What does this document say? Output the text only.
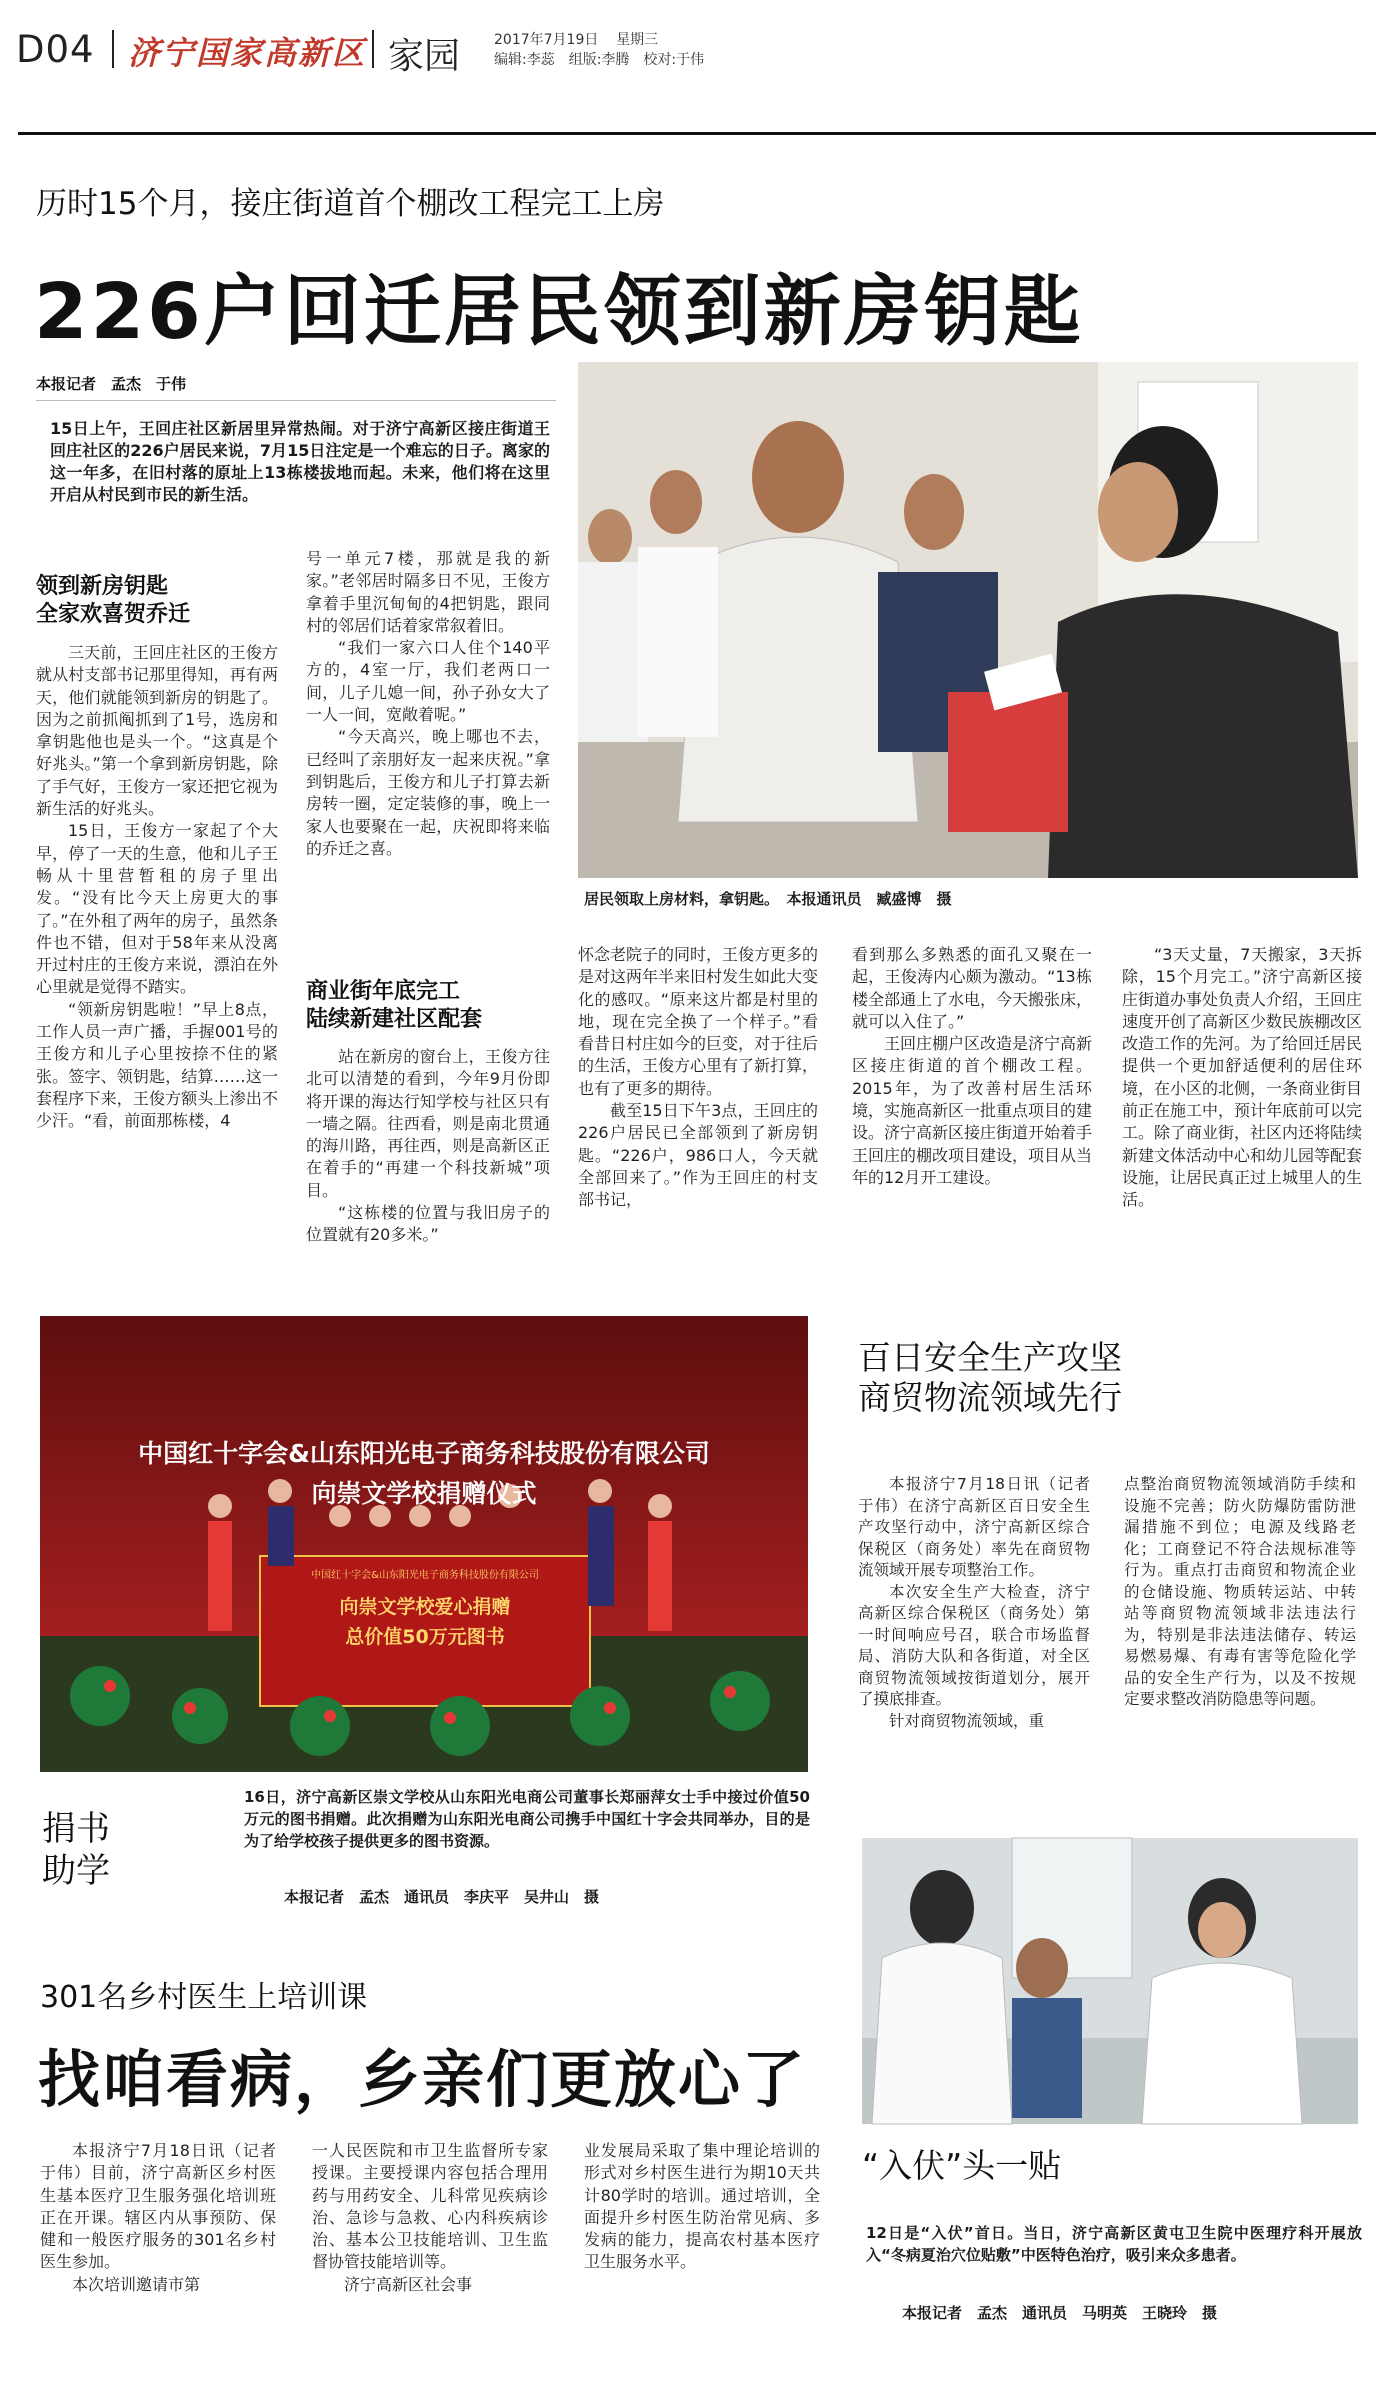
D04 济宁国家高新区 家园 2017年7月19日 星期三
编辑:李蕊　组版:李腾　校对:于伟
历时15个月，接庄街道首个棚改工程完工上房
226户回迁居民领到新房钥匙
本报记者　孟杰　于伟
15日上午，王回庄社区新居里异常热闹。对于济宁高新区接庄街道王回庄社区的226户居民来说，7月15日注定是一个难忘的日子。离家的这一年多，在旧村落的原址上13栋楼拔地而起。未来，他们将在这里开启从村民到市民的新生活。
居民领取上房材料，拿钥匙。　本报通讯员　臧盛博　摄
领到新房钥匙
全家欢喜贺乔迁

三天前，王回庄社区的王俊方就从村支部书记那里得知，再有两天，他们就能领到新房的钥匙了。因为之前抓阄抓到了1号，选房和拿钥匙他也是头一个。“这真是个好兆头。”第一个拿到新房钥匙，除了手气好，王俊方一家还把它视为新生活的好兆头。

15日，王俊方一家起了个大早，停了一天的生意，他和儿子王畅从十里营暂租的房子里出发。“没有比今天上房更大的事了。”在外租了两年的房子，虽然条件也不错，但对于58年来从没离开过村庄的王俊方来说，漂泊在外心里就是觉得不踏实。

“领新房钥匙啦！”早上8点，工作人员一声广播，手握001号的王俊方和儿子心里按捺不住的紧张。签字、领钥匙，结算……这一套程序下来，王俊方额头上渗出不少汗。“看，前面那栋楼，4

号一单元7楼，那就是我的新家。”老邻居时隔多日不见，王俊方拿着手里沉甸甸的4把钥匙，跟同村的邻居们话着家常叙着旧。

“我们一家六口人住个140平方的，4室一厅，我们老两口一间，儿子儿媳一间，孙子孙女大了一人一间，宽敞着呢。”

“今天高兴，晚上哪也不去，已经叫了亲朋好友一起来庆祝。”拿到钥匙后，王俊方和儿子打算去新房转一圈，定定装修的事，晚上一家人也要聚在一起，庆祝即将来临的乔迁之喜。

商业街年底完工
陆续新建社区配套

站在新房的窗台上，王俊方往北可以清楚的看到，今年9月份即将开课的海达行知学校与社区只有一墙之隔。往西看，则是南北贯通的海川路，再往西，则是高新区正在着手的“再建一个科技新城”项目。

“这栋楼的位置与我旧房子的位置就有20多米。”

怀念老院子的同时，王俊方更多的是对这两年半来旧村发生如此大变化的感叹。“原来这片都是村里的地，现在完全换了一个样子。”看看昔日村庄如今的巨变，对于往后的生活，王俊方心里有了新打算，也有了更多的期待。

截至15日下午3点，王回庄的226户居民已全部领到了新房钥匙。“226户，986口人，今天就全部回来了。”作为王回庄的村支部书记，

看到那么多熟悉的面孔又聚在一起，王俊涛内心颇为激动。“13栋楼全部通上了水电，今天搬张床，就可以入住了。”

王回庄棚户区改造是济宁高新区接庄街道的首个棚改工程。2015年，为了改善村居生活环境，实施高新区一批重点项目的建设。济宁高新区接庄街道开始着手王回庄的棚改项目建设，项目从当年的12月开工建设。

“3天丈量，7天搬家，3天拆除，15个月完工。”济宁高新区接庄街道办事处负责人介绍，王回庄速度开创了高新区少数民族棚改区改造工作的先河。为了给回迁居民提供一个更加舒适便利的居住环境，在小区的北侧，一条商业街目前正在施工中，预计年底前可以完工。除了商业街，社区内还将陆续新建文体活动中心和幼儿园等配套设施，让居民真正过上城里人的生活。

中国红十字会&山东阳光电子商务科技股份有限公司
向崇文学校捐赠仪式
中国红十字会&山东阳光电子商务科技股份有限公司
向崇文学校爱心捐赠
总价值50万元图书
捐书
助学
16日，济宁高新区崇文学校从山东阳光电商公司董事长郑丽萍女士手中接过价值50万元的图书捐赠。此次捐赠为山东阳光电商公司携手中国红十字会共同举办，目的是为了给学校孩子提供更多的图书资源。
本报记者　孟杰　通讯员　李庆平　吴井山　摄
百日安全生产攻坚
商贸物流领域先行

本报济宁7月18日讯（记者　于伟）在济宁高新区百日安全生产攻坚行动中，济宁高新区综合保税区（商务处）率先在商贸物流领域开展专项整治工作。

本次安全生产大检查，济宁高新区综合保税区（商务处）第一时间响应号召，联合市场监督局、消防大队和各街道，对全区商贸物流领域按街道划分，展开了摸底排查。

针对商贸物流领域，重

点整治商贸物流领域消防手续和设施不完善；防火防爆防雷防泄漏措施不到位；电源及线路老化；工商登记不符合法规标准等行为。重点打击商贸和物流企业的仓储设施、物质转运站、中转站等商贸物流领域非法违法行为，特别是非法违法储存、转运易燃易爆、有毒有害等危险化学品的安全生产行为，以及不按规定要求整改消防隐患等问题。

“入伏”头一贴
12日是“入伏”首日。当日，济宁高新区黄屯卫生院中医理疗科开展放入“冬病夏治穴位贴敷”中医特色治疗，吸引来众多患者。
本报记者　孟杰　通讯员　马明英　王晓玲　摄
301名乡村医生上培训课
找咱看病，乡亲们更放心了

本报济宁7月18日讯（记者　于伟）目前，济宁高新区乡村医生基本医疗卫生服务强化培训班正在开课。辖区内从事预防、保健和一般医疗服务的301名乡村医生参加。

本次培训邀请市第

一人民医院和市卫生监督所专家授课。主要授课内容包括合理用药与用药安全、儿科常见疾病诊治、急诊与急救、心内科疾病诊治、基本公卫技能培训、卫生监督协管技能培训等。

济宁高新区社会事

业发展局采取了集中理论培训的形式对乡村医生进行为期10天共计80学时的培训。通过培训，全面提升乡村医生防治常见病、多发病的能力，提高农村基本医疗卫生服务水平。
